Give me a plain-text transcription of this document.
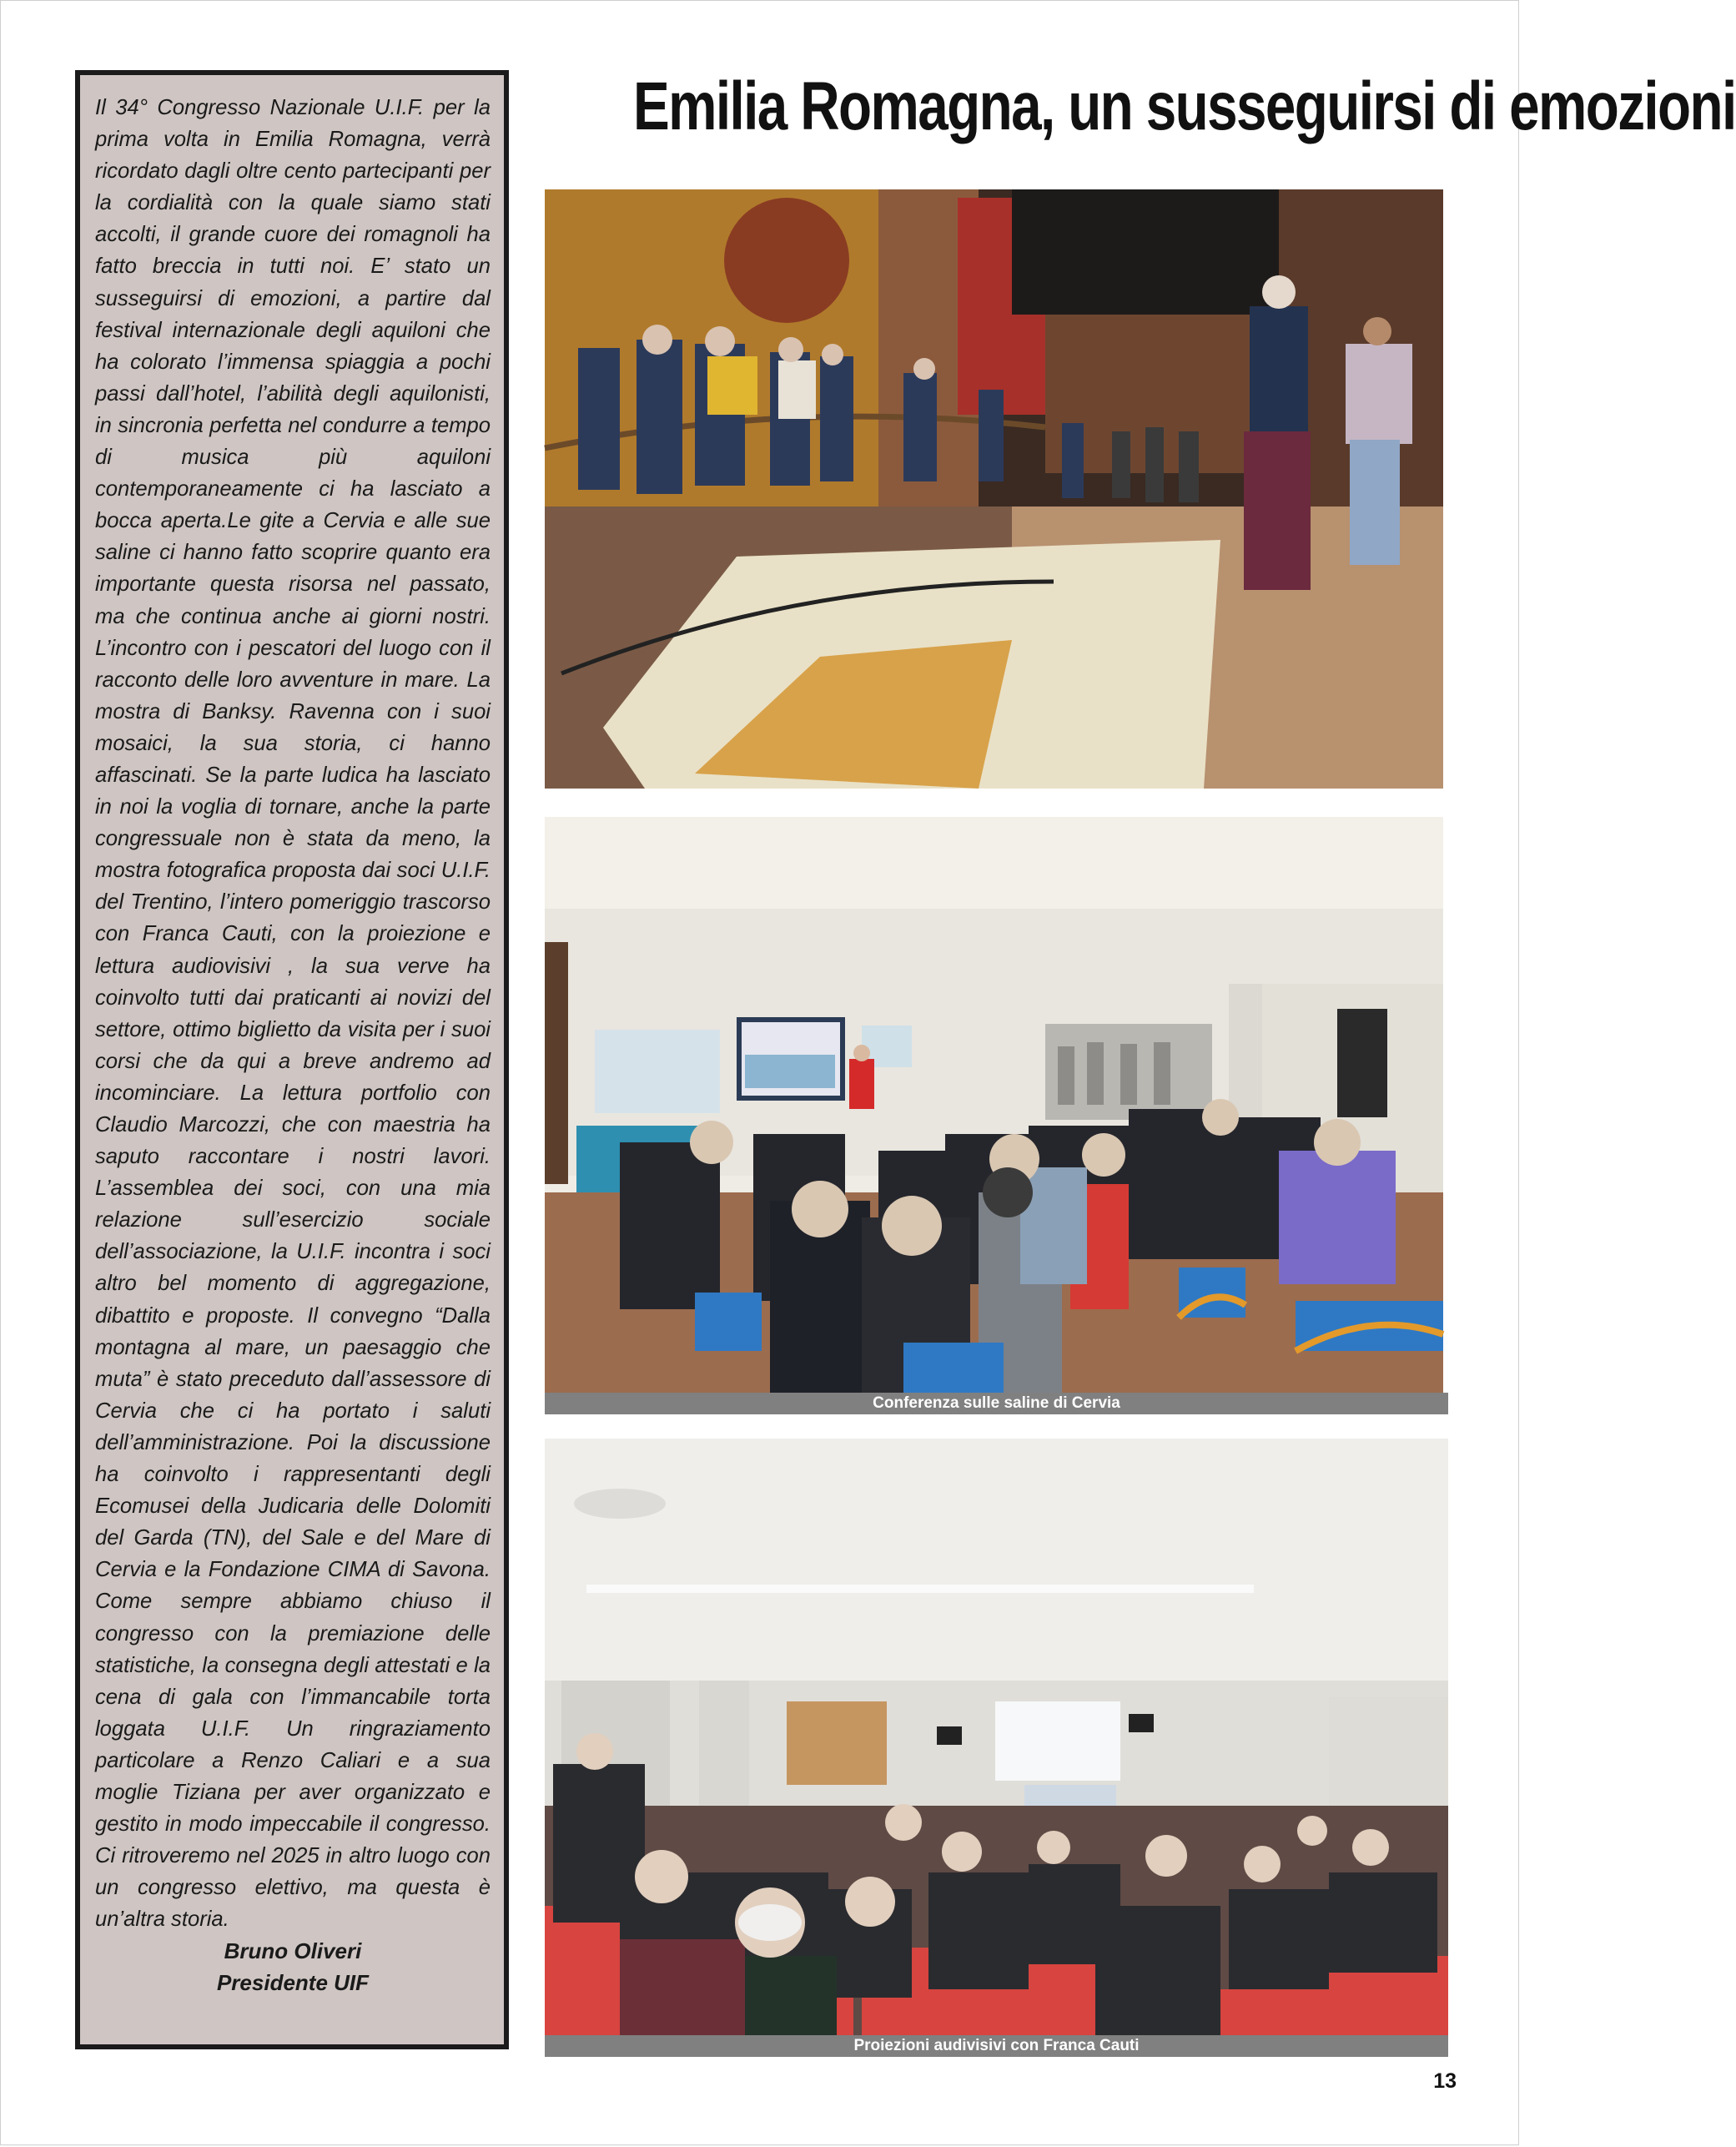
Il 34° Congresso Nazionale U.I.F. per la prima volta in Emilia Romagna, verrà ricordato dagli oltre cento partecipanti per la cordialità con la quale siamo stati accolti, il grande cuore dei romagnoli ha fatto breccia in tutti noi. E’ stato un susseguirsi di emozioni, a partire dal festival internazionale degli aquiloni che ha colorato l’immensa spiaggia a pochi passi dall’hotel, l’abilità degli aquilonisti, in sincronia perfetta nel condurre a tempo di musica più aquiloni contemporaneamente ci ha lasciato a bocca aperta.Le gite a Cervia e alle sue saline ci hanno fatto scoprire quanto era importante questa risorsa nel passato, ma che continua anche ai giorni nostri. L’incontro con i pescatori del luogo con il racconto delle loro avventure in mare. La mostra di Banksy. Ravenna con i suoi mosaici, la sua storia, ci hanno affascinati. Se la parte ludica ha lasciato in noi la voglia di tornare, anche la parte congressuale non è stata da meno, la mostra fotografica proposta dai soci U.I.F. del Trentino, l’intero pomeriggio trascorso con Franca Cauti, con la proiezione e lettura audiovisivi , la sua verve ha coinvolto tutti dai praticanti ai novizi del settore, ottimo biglietto da visita per i suoi corsi che da qui a breve andremo ad incominciare. La lettura portfolio con Claudio Marcozzi, che con maestria ha saputo raccontare i nostri lavori. L’assemblea dei soci, con una mia relazione sull’esercizio sociale dell’associazione, la U.I.F. incontra i soci altro bel momento di aggregazione, dibattito e proposte. Il convegno “Dalla montagna al mare, un paesaggio che muta” è stato preceduto dall’assessore di Cervia che ci ha portato i saluti dell’amministrazione. Poi la discussione ha coinvolto i rappresentanti degli Ecomusei della Judicaria delle Dolomiti del Garda (TN), del Sale e del Mare di Cervia e la Fondazione CIMA di Savona. Come sempre abbiamo chiuso il congresso con la premiazione delle statistiche, la consegna degli attestati e la cena di gala con l’immancabile torta loggata U.I.F. Un ringraziamento particolare a Renzo Caliari e a sua moglie Tiziana per aver organizzato e gestito in modo impeccabile il congresso. Ci ritroveremo nel 2025 in altro luogo con un congresso elettivo, ma questa è un’altra storia.

Bruno Oliveri
Presidente UIF
Emilia Romagna, un susseguirsi di emozioni
Conferenza sulle saline di Cervia
Proiezioni audivisivi con Franca Cauti
13
